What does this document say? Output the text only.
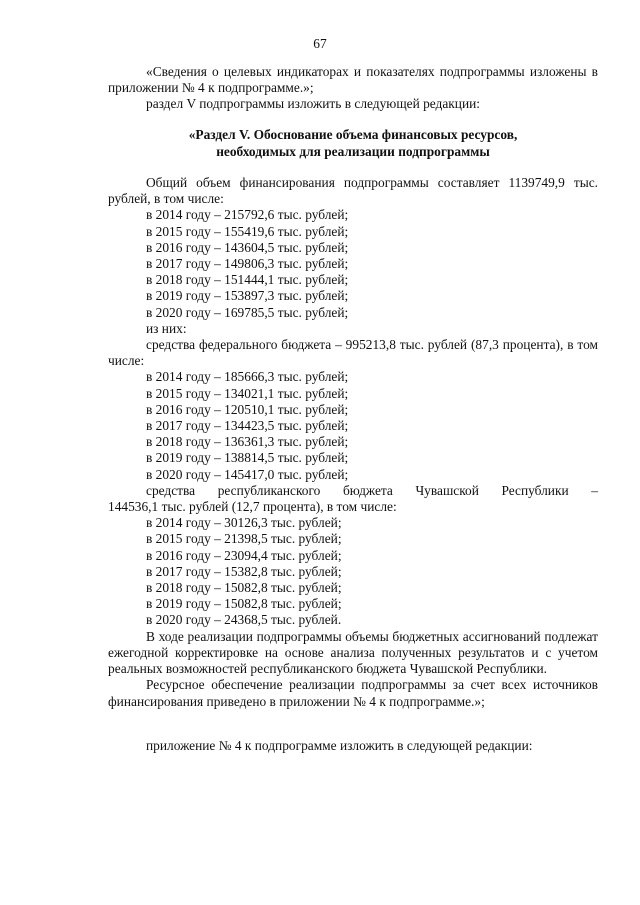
67

«Сведения о целевых индикаторах и показателях подпрограммы изложены в приложении № 4 к подпрограмме.»;

раздел V подпрограммы изложить в следующей редакции:

«Раздел V. Обоснование объема финансовых ресурсов,

необходимых для реализации подпрограммы

Общий объем финансирования подпрограммы составляет 1139749,9 тыс. рублей, в том числе:

в 2014 году – 215792,6 тыс. рублей;

в 2015 году – 155419,6 тыс. рублей;

в 2016 году – 143604,5 тыс. рублей;

в 2017 году – 149806,3 тыс. рублей;

в 2018 году – 151444,1 тыс. рублей;

в 2019 году – 153897,3 тыс. рублей;

в 2020 году – 169785,5 тыс. рублей;

из них:

средства федерального бюджета – 995213,8 тыс. рублей (87,3 процента), в том числе:

в 2014 году – 185666,3 тыс. рублей;

в 2015 году – 134021,1 тыс. рублей;

в 2016 году – 120510,1 тыс. рублей;

в 2017 году – 134423,5 тыс. рублей;

в 2018 году – 136361,3 тыс. рублей;

в 2019 году – 138814,5 тыс. рублей;

в 2020 году – 145417,0 тыс. рублей;

средства республиканского бюджета Чувашской Республики –

144536,1 тыс. рублей (12,7 процента), в том числе:

в 2014 году – 30126,3 тыс. рублей;

в 2015 году – 21398,5 тыс. рублей;

в 2016 году – 23094,4 тыс. рублей;

в 2017 году – 15382,8 тыс. рублей;

в 2018 году – 15082,8 тыс. рублей;

в 2019 году – 15082,8 тыс. рублей;

в 2020 году – 24368,5 тыс. рублей.

В ходе реализации подпрограммы объемы бюджетных ассигнований подлежат ежегодной корректировке на основе анализа полученных результатов и с учетом реальных возможностей республиканского бюджета Чувашской Республики.

Ресурсное обеспечение реализации подпрограммы за счет всех источников финансирования приведено в приложении № 4 к подпрограмме.»;

приложение № 4 к подпрограмме изложить в следующей редакции:
